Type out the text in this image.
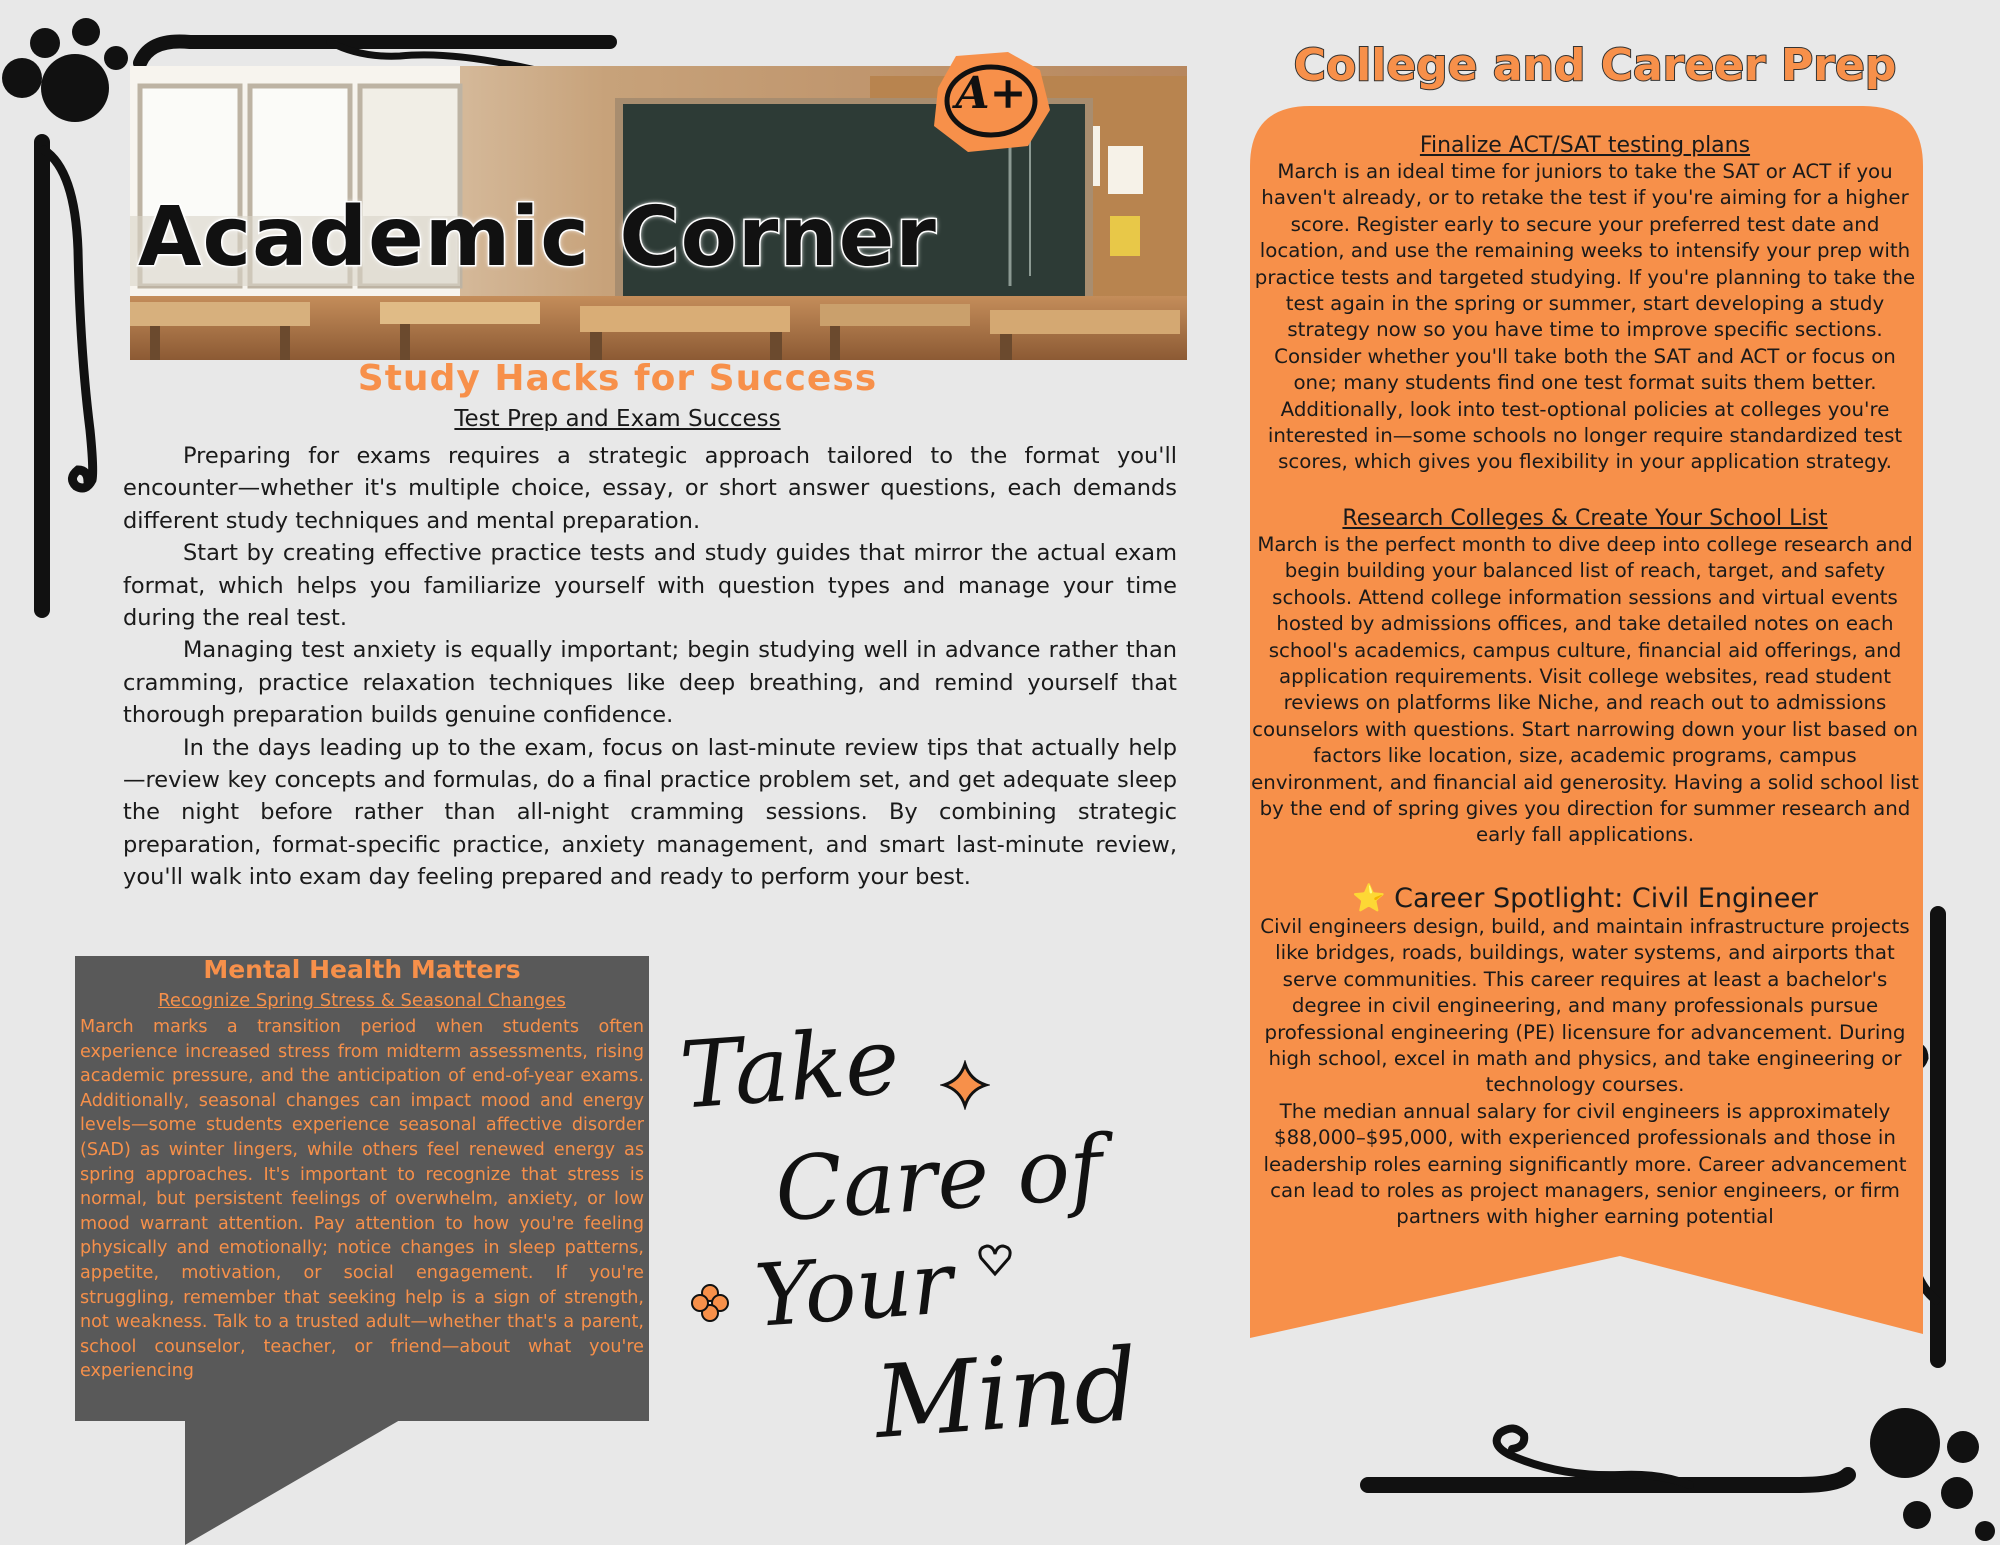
Academic Corner
A+
Study Hacks for Success
Test Prep and Exam Success

Preparing for exams requires a strategic approach tailored to the format you'll encounter—whether it's multiple choice, essay, or short answer questions, each demands different study techniques and mental preparation.

Start by creating effective practice tests and study guides that mirror the actual exam format, which helps you familiarize yourself with question types and manage your time during the real test.

Managing test anxiety is equally important; begin studying well in advance rather than cramming, practice relaxation techniques like deep breathing, and remind yourself that thorough preparation builds genuine confidence.

In the days leading up to the exam, focus on last-minute review tips that actually help—review key concepts and formulas, do a final practice problem set, and get adequate sleep the night before rather than all-night cramming sessions. By combining strategic preparation, format-specific practice, anxiety management, and smart last-minute review, you'll walk into exam day feeling prepared and ready to perform your best.

Mental Health Matters
Recognize Spring Stress & Seasonal Changes
March marks a transition period when students often experience increased stress from midterm assessments, rising academic pressure, and the anticipation of end-of-year exams. Additionally, seasonal changes can impact mood and energy levels—some students experience seasonal affective disorder (SAD) as winter lingers, while others feel renewed energy as spring approaches. It's important to recognize that stress is normal, but persistent feelings of overwhelm, anxiety, or low mood warrant attention. Pay attention to how you're feeling physically and emotionally; notice changes in sleep patterns, appetite, motivation, or social engagement. If you're struggling, remember that seeking help is a sign of strength, not weakness. Talk to a trusted adult—whether that's a parent, school counselor, teacher, or friend—about what you're experiencing
Take
Care of
Your
Mind
College and Career Prep
Finalize ACT/SAT testing plans
March is an ideal time for juniors to take the SAT or ACT if you haven't already, or to retake the test if you're aiming for a higher score. Register early to secure your preferred test date and location, and use the remaining weeks to intensify your prep with practice tests and targeted studying. If you're planning to take the test again in the spring or summer, start developing a study strategy now so you have time to improve specific sections. Consider whether you'll take both the SAT and ACT or focus on one; many students find one test format suits them better. Additionally, look into test-optional policies at colleges you're interested in—some schools no longer require standardized test scores, which gives you flexibility in your application strategy.
Research Colleges & Create Your School List
March is the perfect month to dive deep into college research and begin building your balanced list of reach, target, and safety schools. Attend college information sessions and virtual events hosted by admissions offices, and take detailed notes on each school's academics, campus culture, financial aid offerings, and application requirements. Visit college websites, read student reviews on platforms like Niche, and reach out to admissions counselors with questions. Start narrowing down your list based on factors like location, size, academic programs, campus environment, and financial aid generosity. Having a solid school list by the end of spring gives you direction for summer research and early fall applications.
⭐ Career Spotlight: Civil Engineer
Civil engineers design, build, and maintain infrastructure projects like bridges, roads, buildings, water systems, and airports that serve communities. This career requires at least a bachelor's degree in civil engineering, and many professionals pursue professional engineering (PE) licensure for advancement. During high school, excel in math and physics, and take engineering or technology courses.
The median annual salary for civil engineers is approximately $88,000–$95,000, with experienced professionals and those in leadership roles earning significantly more. Career advancement can lead to roles as project managers, senior engineers, or firm partners with higher earning potential
